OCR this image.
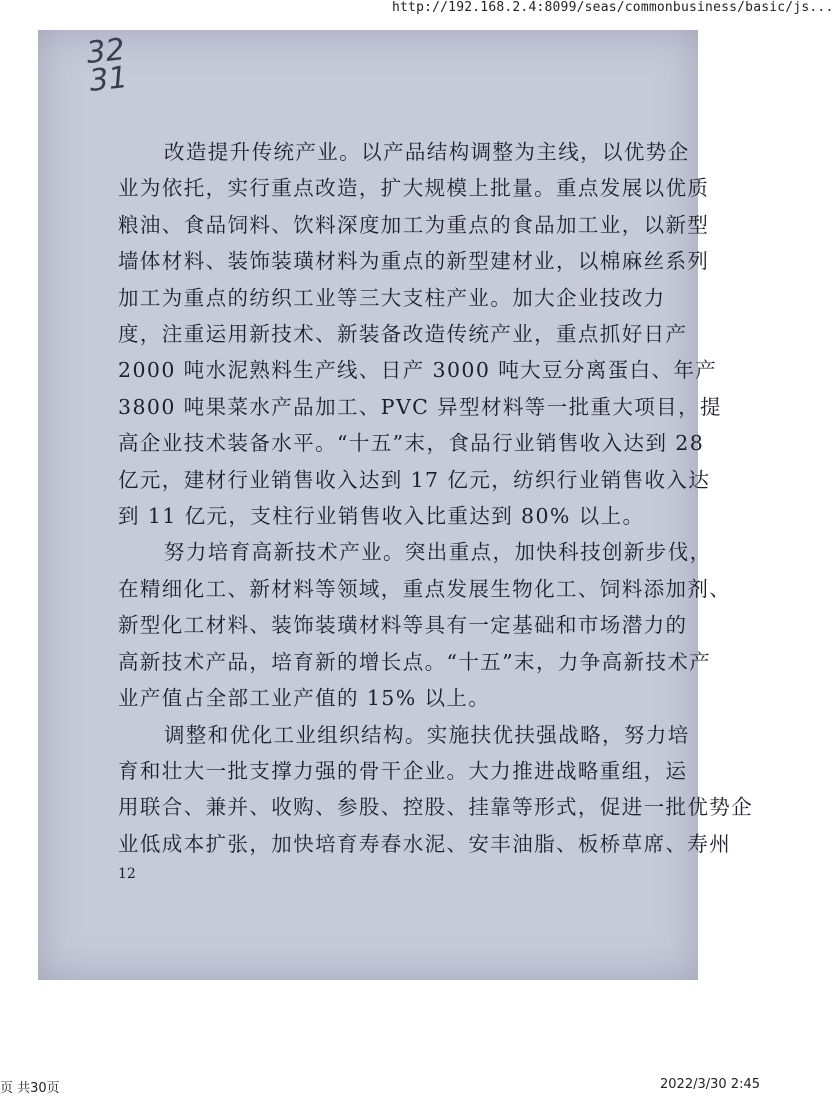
http://192.168.2.4:8099/seas/commonbusiness/basic/js...
32
31
改造提升传统产业。以产品结构调整为主线，以优势企
业为依托，实行重点改造，扩大规模上批量。重点发展以优质
粮油、食品饲料、饮料深度加工为重点的食品加工业，以新型
墙体材料、装饰装璜材料为重点的新型建材业，以棉麻丝系列
加工为重点的纺织工业等三大支柱产业。加大企业技改力
度，注重运用新技术、新装备改造传统产业，重点抓好日产
2000 吨水泥熟料生产线、日产 3000 吨大豆分离蛋白、年产
3800 吨果菜水产品加工、PVC 异型材料等一批重大项目，提
高企业技术装备水平。“十五”末，食品行业销售收入达到 28
亿元，建材行业销售收入达到 17 亿元，纺织行业销售收入达
到 11 亿元，支柱行业销售收入比重达到 80% 以上。
努力培育高新技术产业。突出重点，加快科技创新步伐，
在精细化工、新材料等领域，重点发展生物化工、饲料添加剂、
新型化工材料、装饰装璜材料等具有一定基础和市场潜力的
高新技术产品，培育新的增长点。“十五”末，力争高新技术产
业产值占全部工业产值的 15% 以上。
调整和优化工业组织结构。实施扶优扶强战略，努力培
育和壮大一批支撑力强的骨干企业。大力推进战略重组，运
用联合、兼并、收购、参股、控股、挂靠等形式，促进一批优势企
业低成本扩张，加快培育寿春水泥、安丰油脂、板桥草席、寿州
12
页 共30页	2022/3/30 2:45
